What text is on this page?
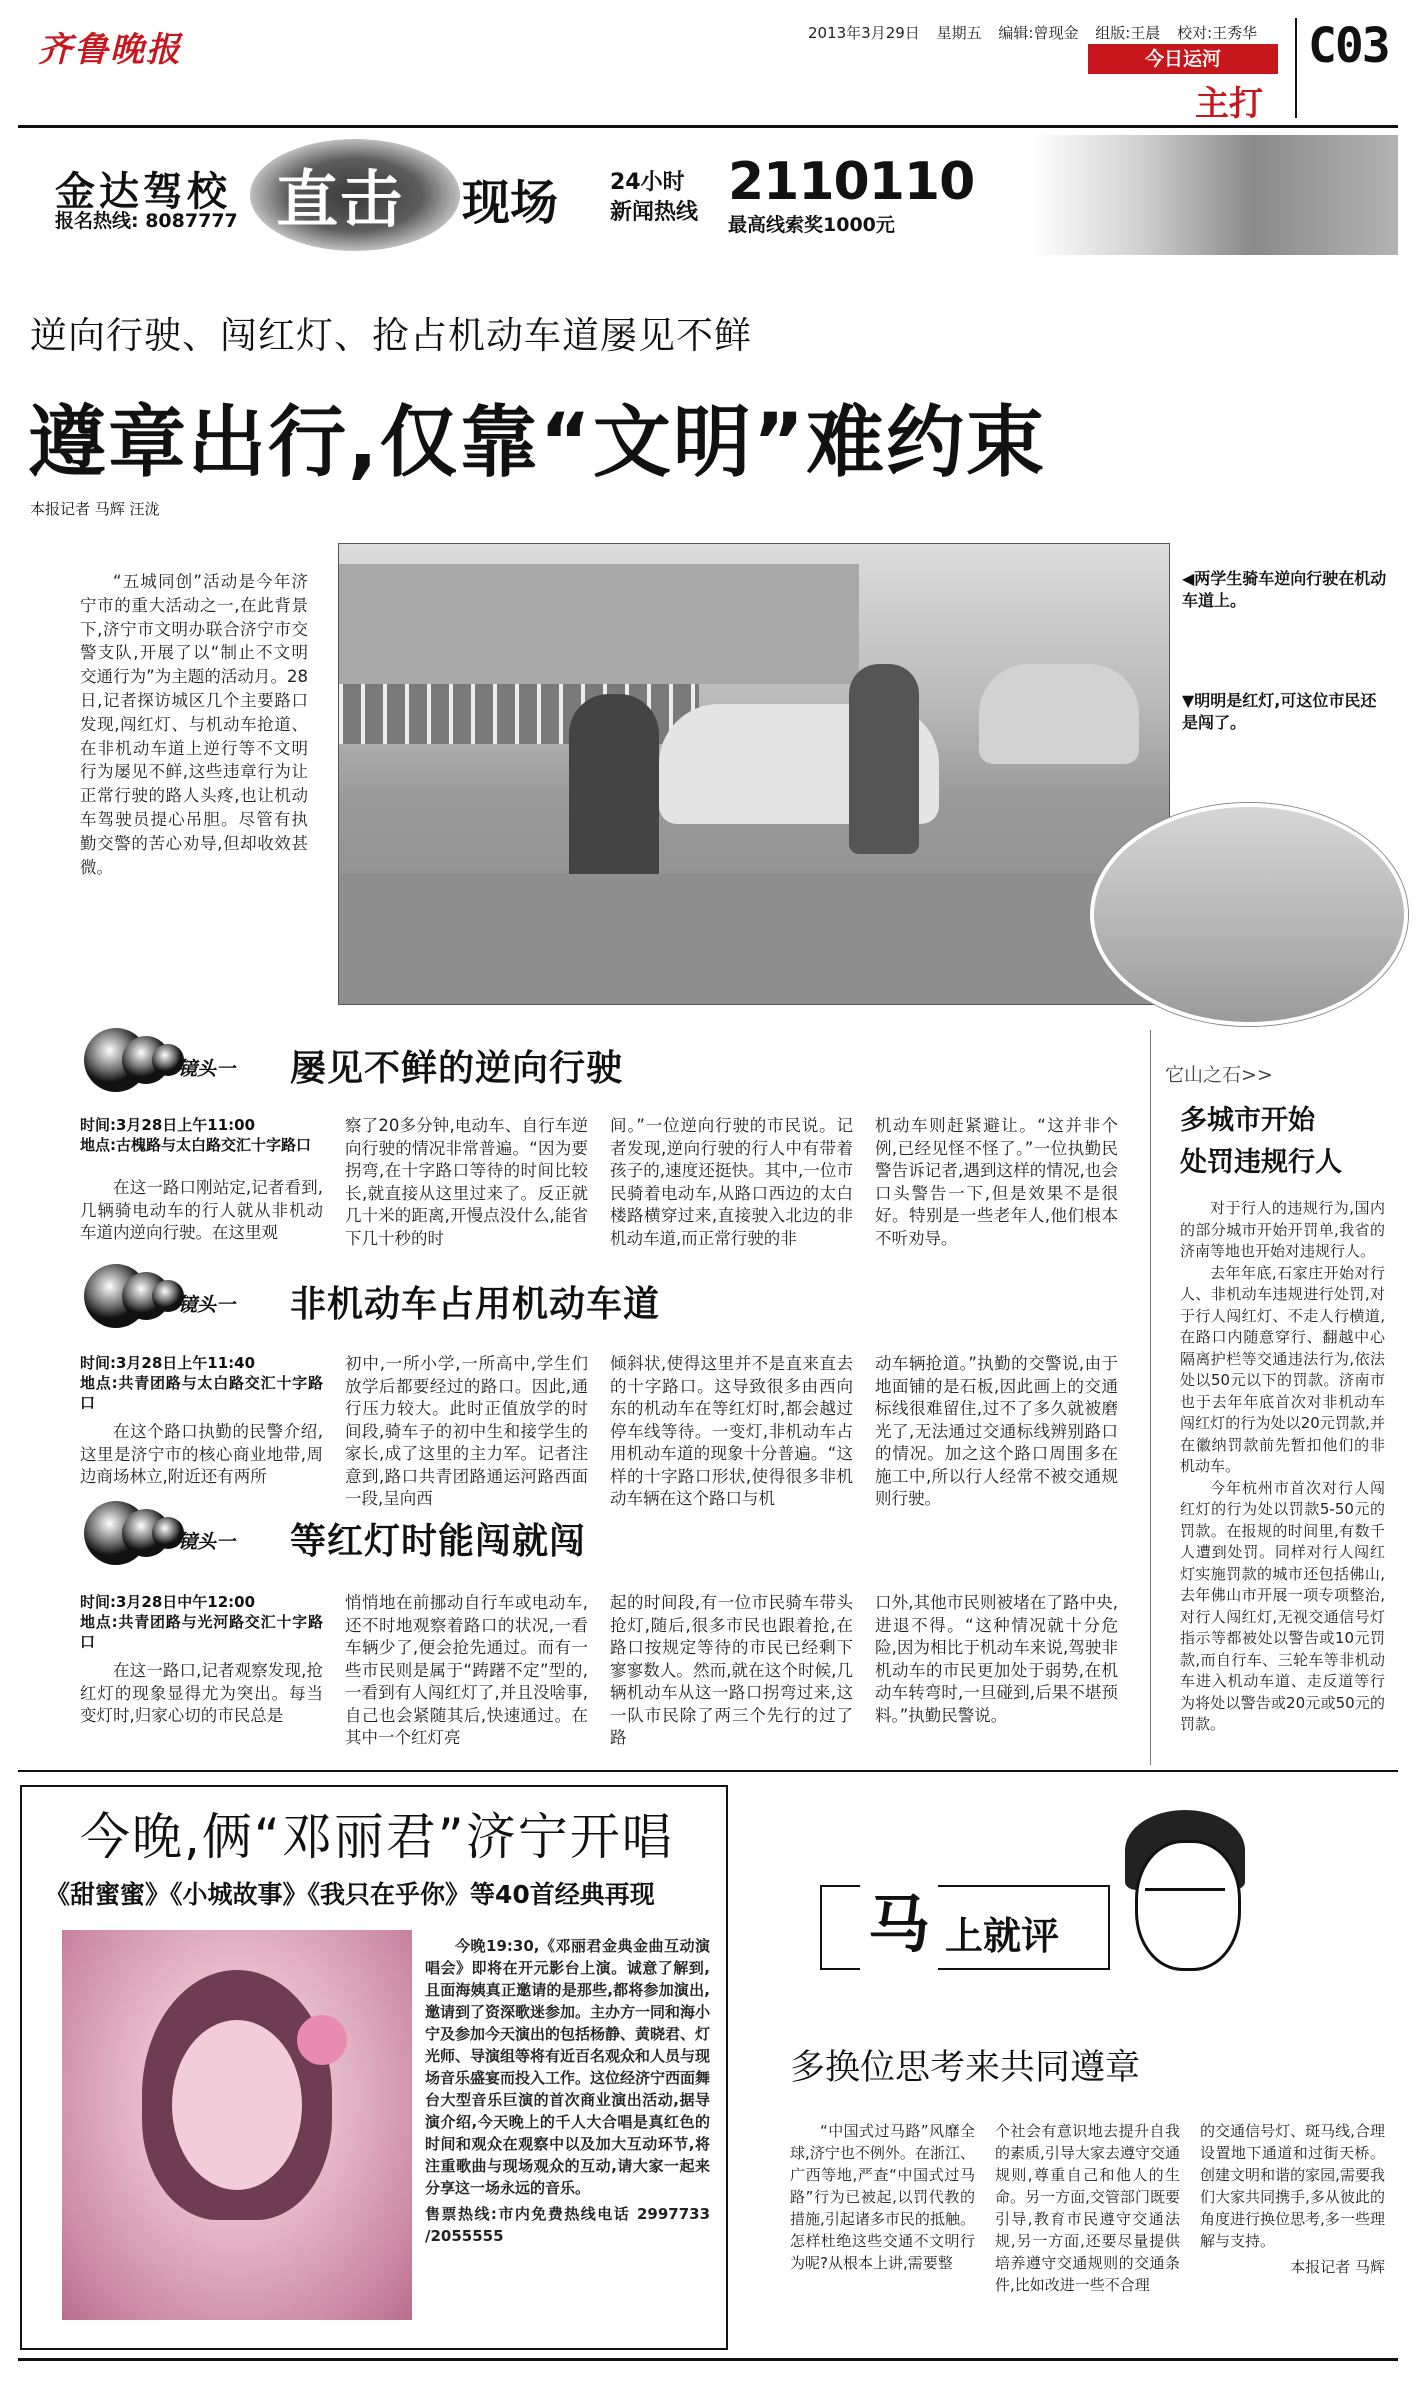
齐鲁晚报	2013年3月29日 星期五 编辑:曾现金 组版:王晨 校对:王秀华
今日运河
主打
C03
金达驾校
报名热线: 8087777 直击 现场 24小时
新闻热线
2110110
最高线索奖1000元
逆向行驶、闯红灯、抢占机动车道屡见不鲜
遵章出行,仅靠“文明”难约束
本报记者 马辉 汪泷

“五城同创”活动是今年济宁市的重大活动之一,在此背景下,济宁市文明办联合济宁市交警支队,开展了以“制止不文明交通行为”为主题的活动月。28日,记者探访城区几个主要路口发现,闯红灯、与机动车抢道、在非机动车道上逆行等不文明行为屡见不鲜,这些违章行为让正常行驶的路人头疼,也让机动车驾驶员提心吊胆。尽管有执勤交警的苦心劝导,但却收效甚微。

◀两学生骑车逆向行驶在机动车道上。
▼明明是红灯,可这位市民还是闯了。
镜头一 屡见不鲜的逆向行驶

时间:3月28日上午11:00

地点:古槐路与太白路交汇十字路口

在这一路口刚站定,记者看到,几辆骑电动车的行人就从非机动车道内逆向行驶。在这里观

察了20多分钟,电动车、自行车逆向行驶的情况非常普遍。“因为要拐弯,在十字路口等待的时间比较长,就直接从这里过来了。反正就几十米的距离,开慢点没什么,能省下几十秒的时

间。”一位逆向行驶的市民说。记者发现,逆向行驶的行人中有带着孩子的,速度还挺快。其中,一位市民骑着电动车,从路口西边的太白楼路横穿过来,直接驶入北边的非机动车道,而正常行驶的非

机动车则赶紧避让。“这并非个例,已经见怪不怪了。”一位执勤民警告诉记者,遇到这样的情况,也会口头警告一下,但是效果不是很好。特别是一些老年人,他们根本不听劝导。

镜头一 非机动车占用机动车道

时间:3月28日上午11:40

地点:共青团路与太白路交汇十字路口

在这个路口执勤的民警介绍,这里是济宁市的核心商业地带,周边商场林立,附近还有两所

初中,一所小学,一所高中,学生们放学后都要经过的路口。因此,通行压力较大。此时正值放学的时间段,骑车子的初中生和接学生的家长,成了这里的主力军。记者注意到,路口共青团路通运河路西面一段,呈向西

倾斜状,使得这里并不是直来直去的十字路口。这导致很多由西向东的机动车在等红灯时,都会越过停车线等待。一变灯,非机动车占用机动车道的现象十分普遍。“这样的十字路口形状,使得很多非机动车辆在这个路口与机

动车辆抢道。”执勤的交警说,由于地面铺的是石板,因此画上的交通标线很难留住,过不了多久就被磨光了,无法通过交通标线辨别路口的情况。加之这个路口周围多在施工中,所以行人经常不被交通规则行驶。

镜头一 等红灯时能闯就闯

时间:3月28日中午12:00

地点:共青团路与光河路交汇十字路口

在这一路口,记者观察发现,抢红灯的现象显得尤为突出。每当变灯时,归家心切的市民总是

悄悄地在前挪动自行车或电动车,还不时地观察着路口的状况,一看车辆少了,便会抢先通过。而有一些市民则是属于“踌躇不定”型的,一看到有人闯红灯了,并且没啥事,自己也会紧随其后,快速通过。在其中一个红灯亮

起的时间段,有一位市民骑车带头抢灯,随后,很多市民也跟着抢,在路口按规定等待的市民已经剩下寥寥数人。然而,就在这个时候,几辆机动车从这一路口拐弯过来,这一队市民除了两三个先行的过了路

口外,其他市民则被堵在了路中央,进退不得。“这种情况就十分危险,因为相比于机动车来说,驾驶非机动车的市民更加处于弱势,在机动车转弯时,一旦碰到,后果不堪预料。”执勤民警说。

它山之石>>
多城市开始
处罚违规行人

对于行人的违规行为,国内的部分城市开始开罚单,我省的济南等地也开始对违规行人。

去年年底,石家庄开始对行人、非机动车违规进行处罚,对于行人闯红灯、不走人行横道,在路口内随意穿行、翻越中心隔离护栏等交通违法行为,依法处以50元以下的罚款。济南市也于去年年底首次对非机动车闯红灯的行为处以20元罚款,并在徽纳罚款前先暂扣他们的非机动车。

今年杭州市首次对行人闯红灯的行为处以罚款5-50元的罚款。在报规的时间里,有数千人遭到处罚。同样对行人闯红灯实施罚款的城市还包括佛山,去年佛山市开展一项专项整治,对行人闯红灯,无视交通信号灯指示等都被处以警告或10元罚款,而自行车、三轮车等非机动车进入机动车道、走反道等行为将处以警告或20元或50元的罚款。

今晚,俩“邓丽君”济宁开唱
《甜蜜蜜》《小城故事》《我只在乎你》等40首经典再现

今晚19:30,《邓丽君金典金曲互动演唱会》即将在开元影台上演。诚意了解到,且面海姨真正邀请的是那些,都将参加演出,邀请到了资深歌迷参加。主办方一同和海小宁及参加今天演出的包括杨静、黄晓君、灯光师、导演组等将有近百名观众和人员与现场音乐盛宴而投入工作。这位经济宁西面舞台大型音乐巨演的首次商业演出活动,据导演介绍,今天晚上的千人大合唱是真红色的时间和观众在观察中以及加大互动环节,将注重歌曲与现场观众的互动,请大家一起来分享这一场永远的音乐。

售票热线:市内免费热线电话 2997733 /2055555

马 上就评
多换位思考来共同遵章

“中国式过马路”风靡全球,济宁也不例外。在浙江、广西等地,严查“中国式过马路”行为已被起,以罚代教的措施,引起诸多市民的抵触。怎样杜绝这些交通不文明行为呢?从根本上讲,需要整

个社会有意识地去提升自我的素质,引导大家去遵守交通规则,尊重自己和他人的生命。另一方面,交管部门既要引导,教育市民遵守交通法规,另一方面,还要尽量提供培养遵守交通规则的交通条件,比如改进一些不合理

的交通信号灯、斑马线,合理设置地下通道和过街天桥。创建文明和谐的家园,需要我们大家共同携手,多从彼此的角度进行换位思考,多一些理解与支持。

本报记者 马辉
